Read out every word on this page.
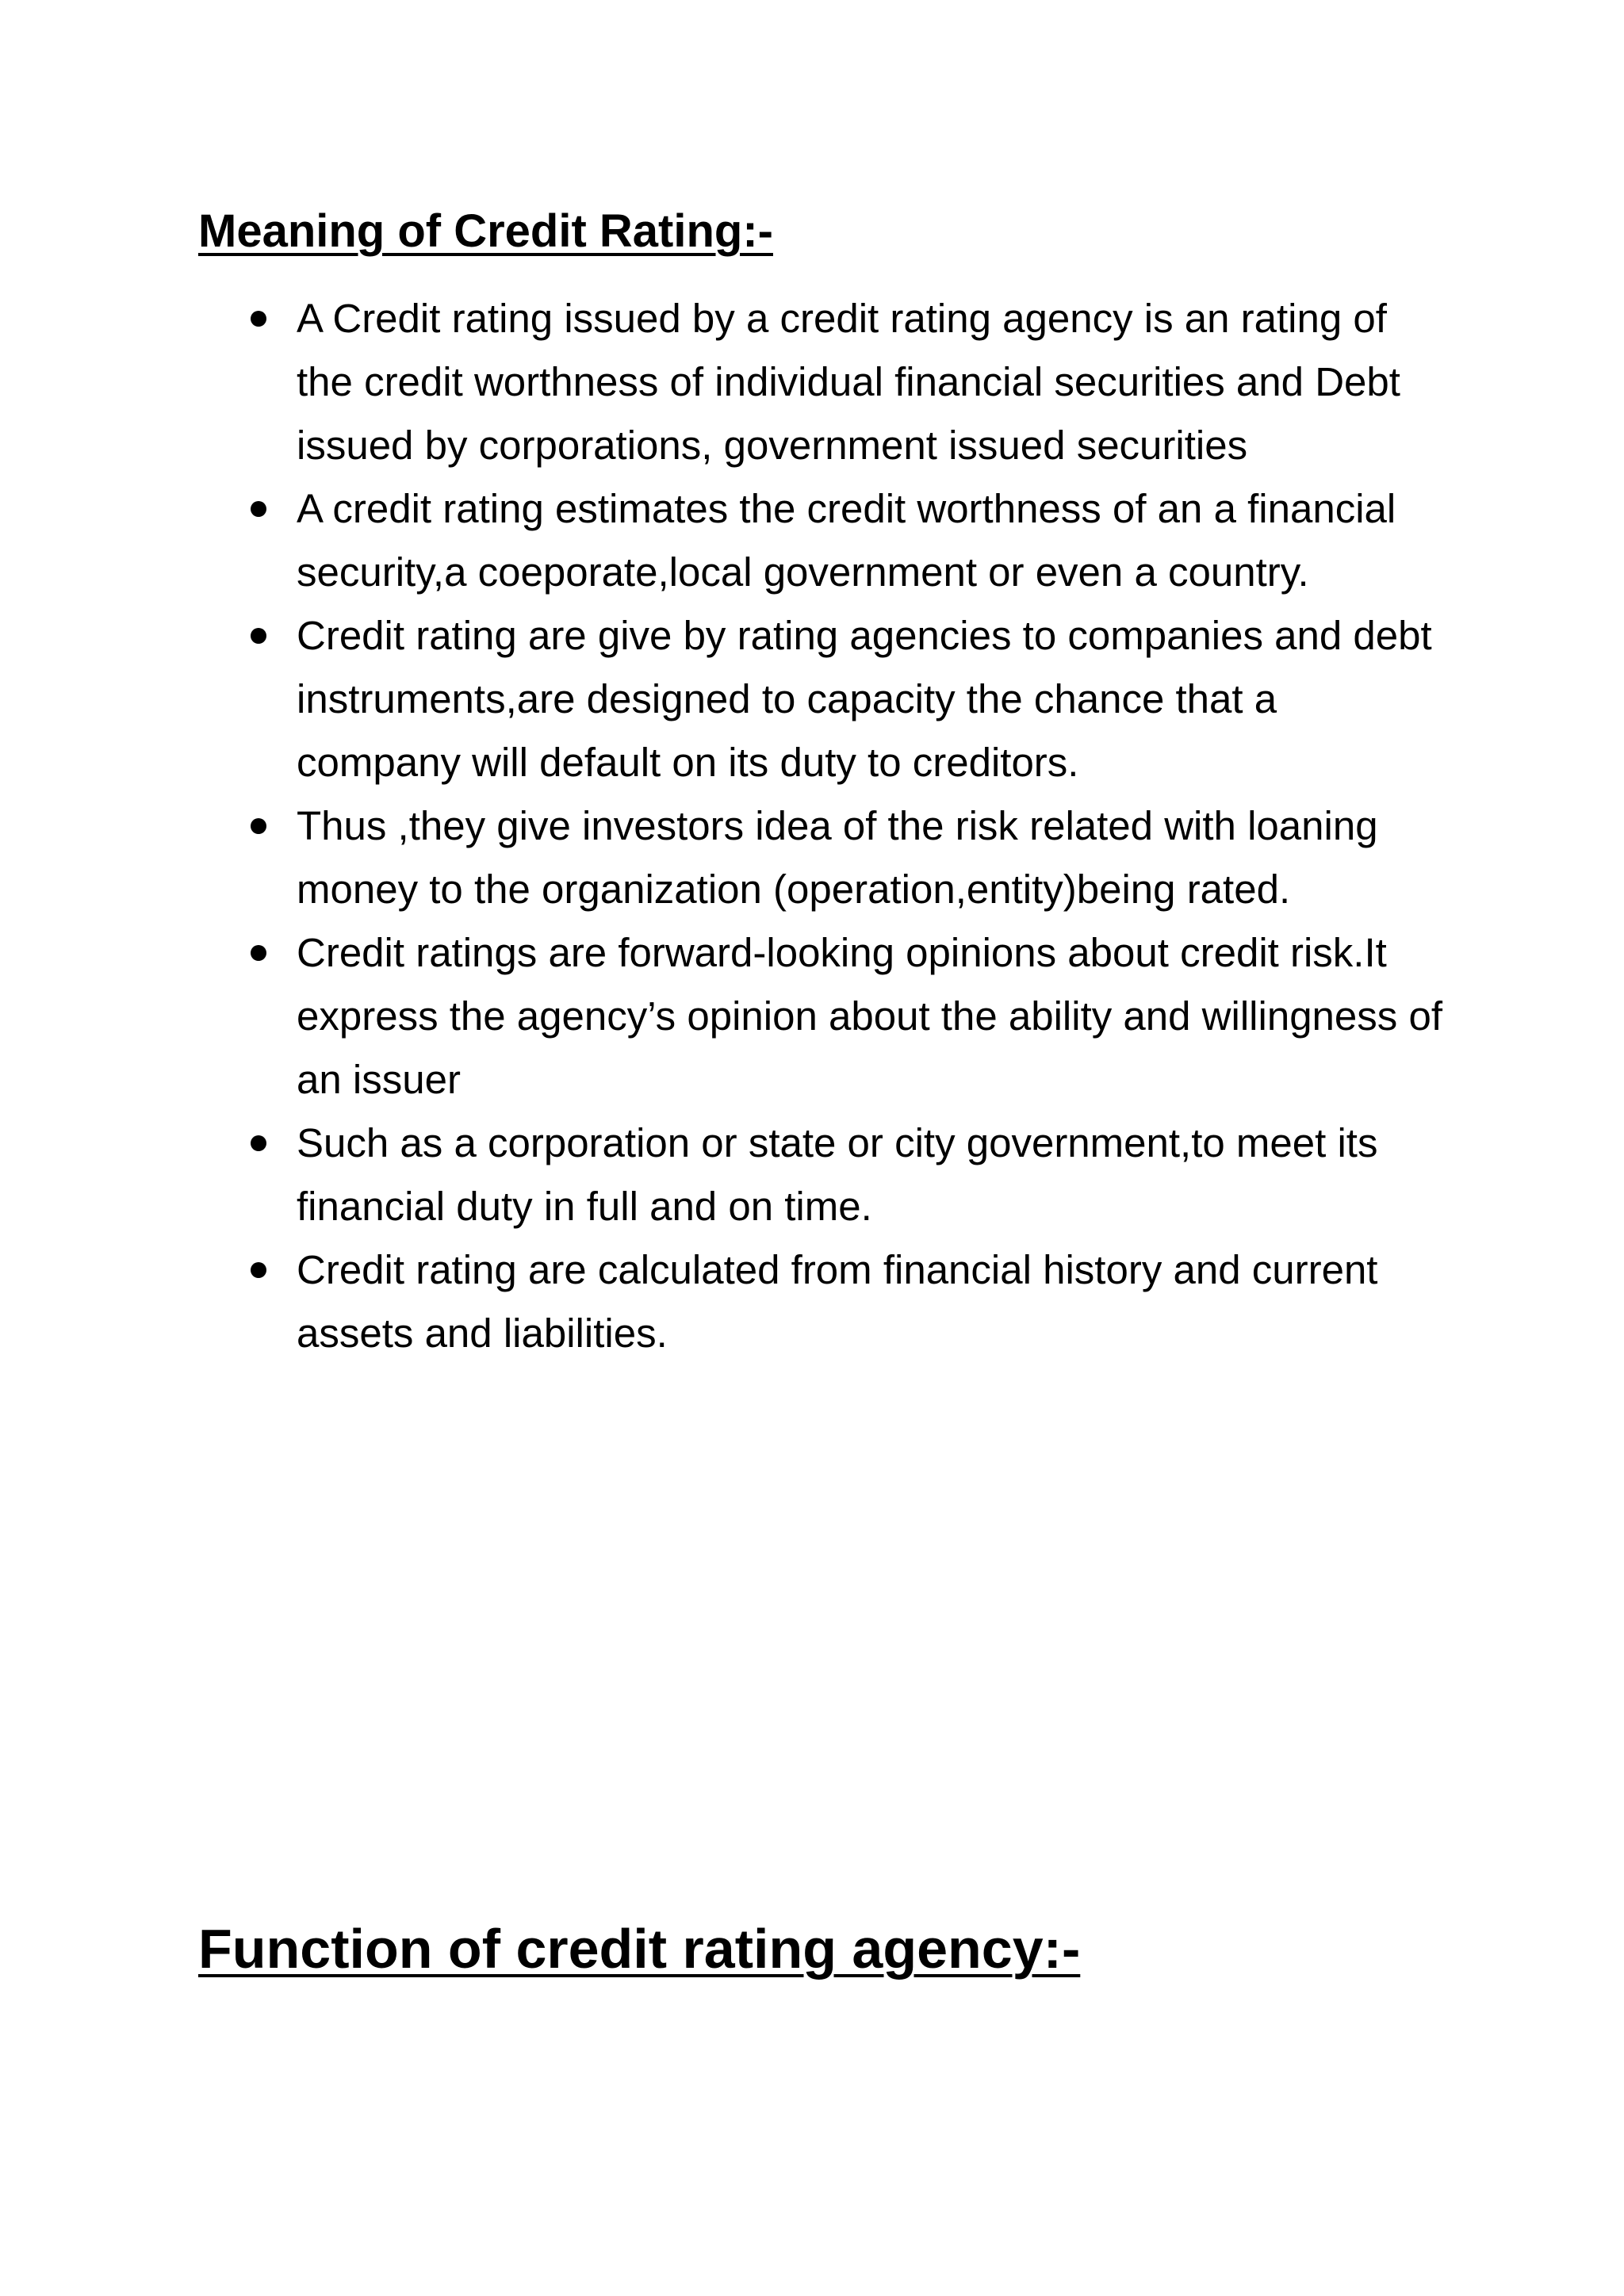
Meaning of Credit Rating:-
A Credit rating issued by a credit rating agency is an rating of the credit worthness of individual financial securities and Debt issued by corporations, government issued securities
A credit rating estimates the credit worthness of an a financial security,a coeporate,local government or even a country.
Credit rating are give by rating agencies to companies and debt instruments,are designed to capacity the chance that a company will default on its duty to creditors.
Thus ,they give investors idea of the risk related with loaning money to the organization (operation,entity)being rated.
Credit ratings are forward-looking opinions about credit risk.It express the agency’s opinion about the ability and willingness of an issuer
Such as a corporation or state or city government,to meet its financial duty in full and on time.
Credit rating are calculated from financial history and current assets and liabilities.
Function of credit rating agency:-
